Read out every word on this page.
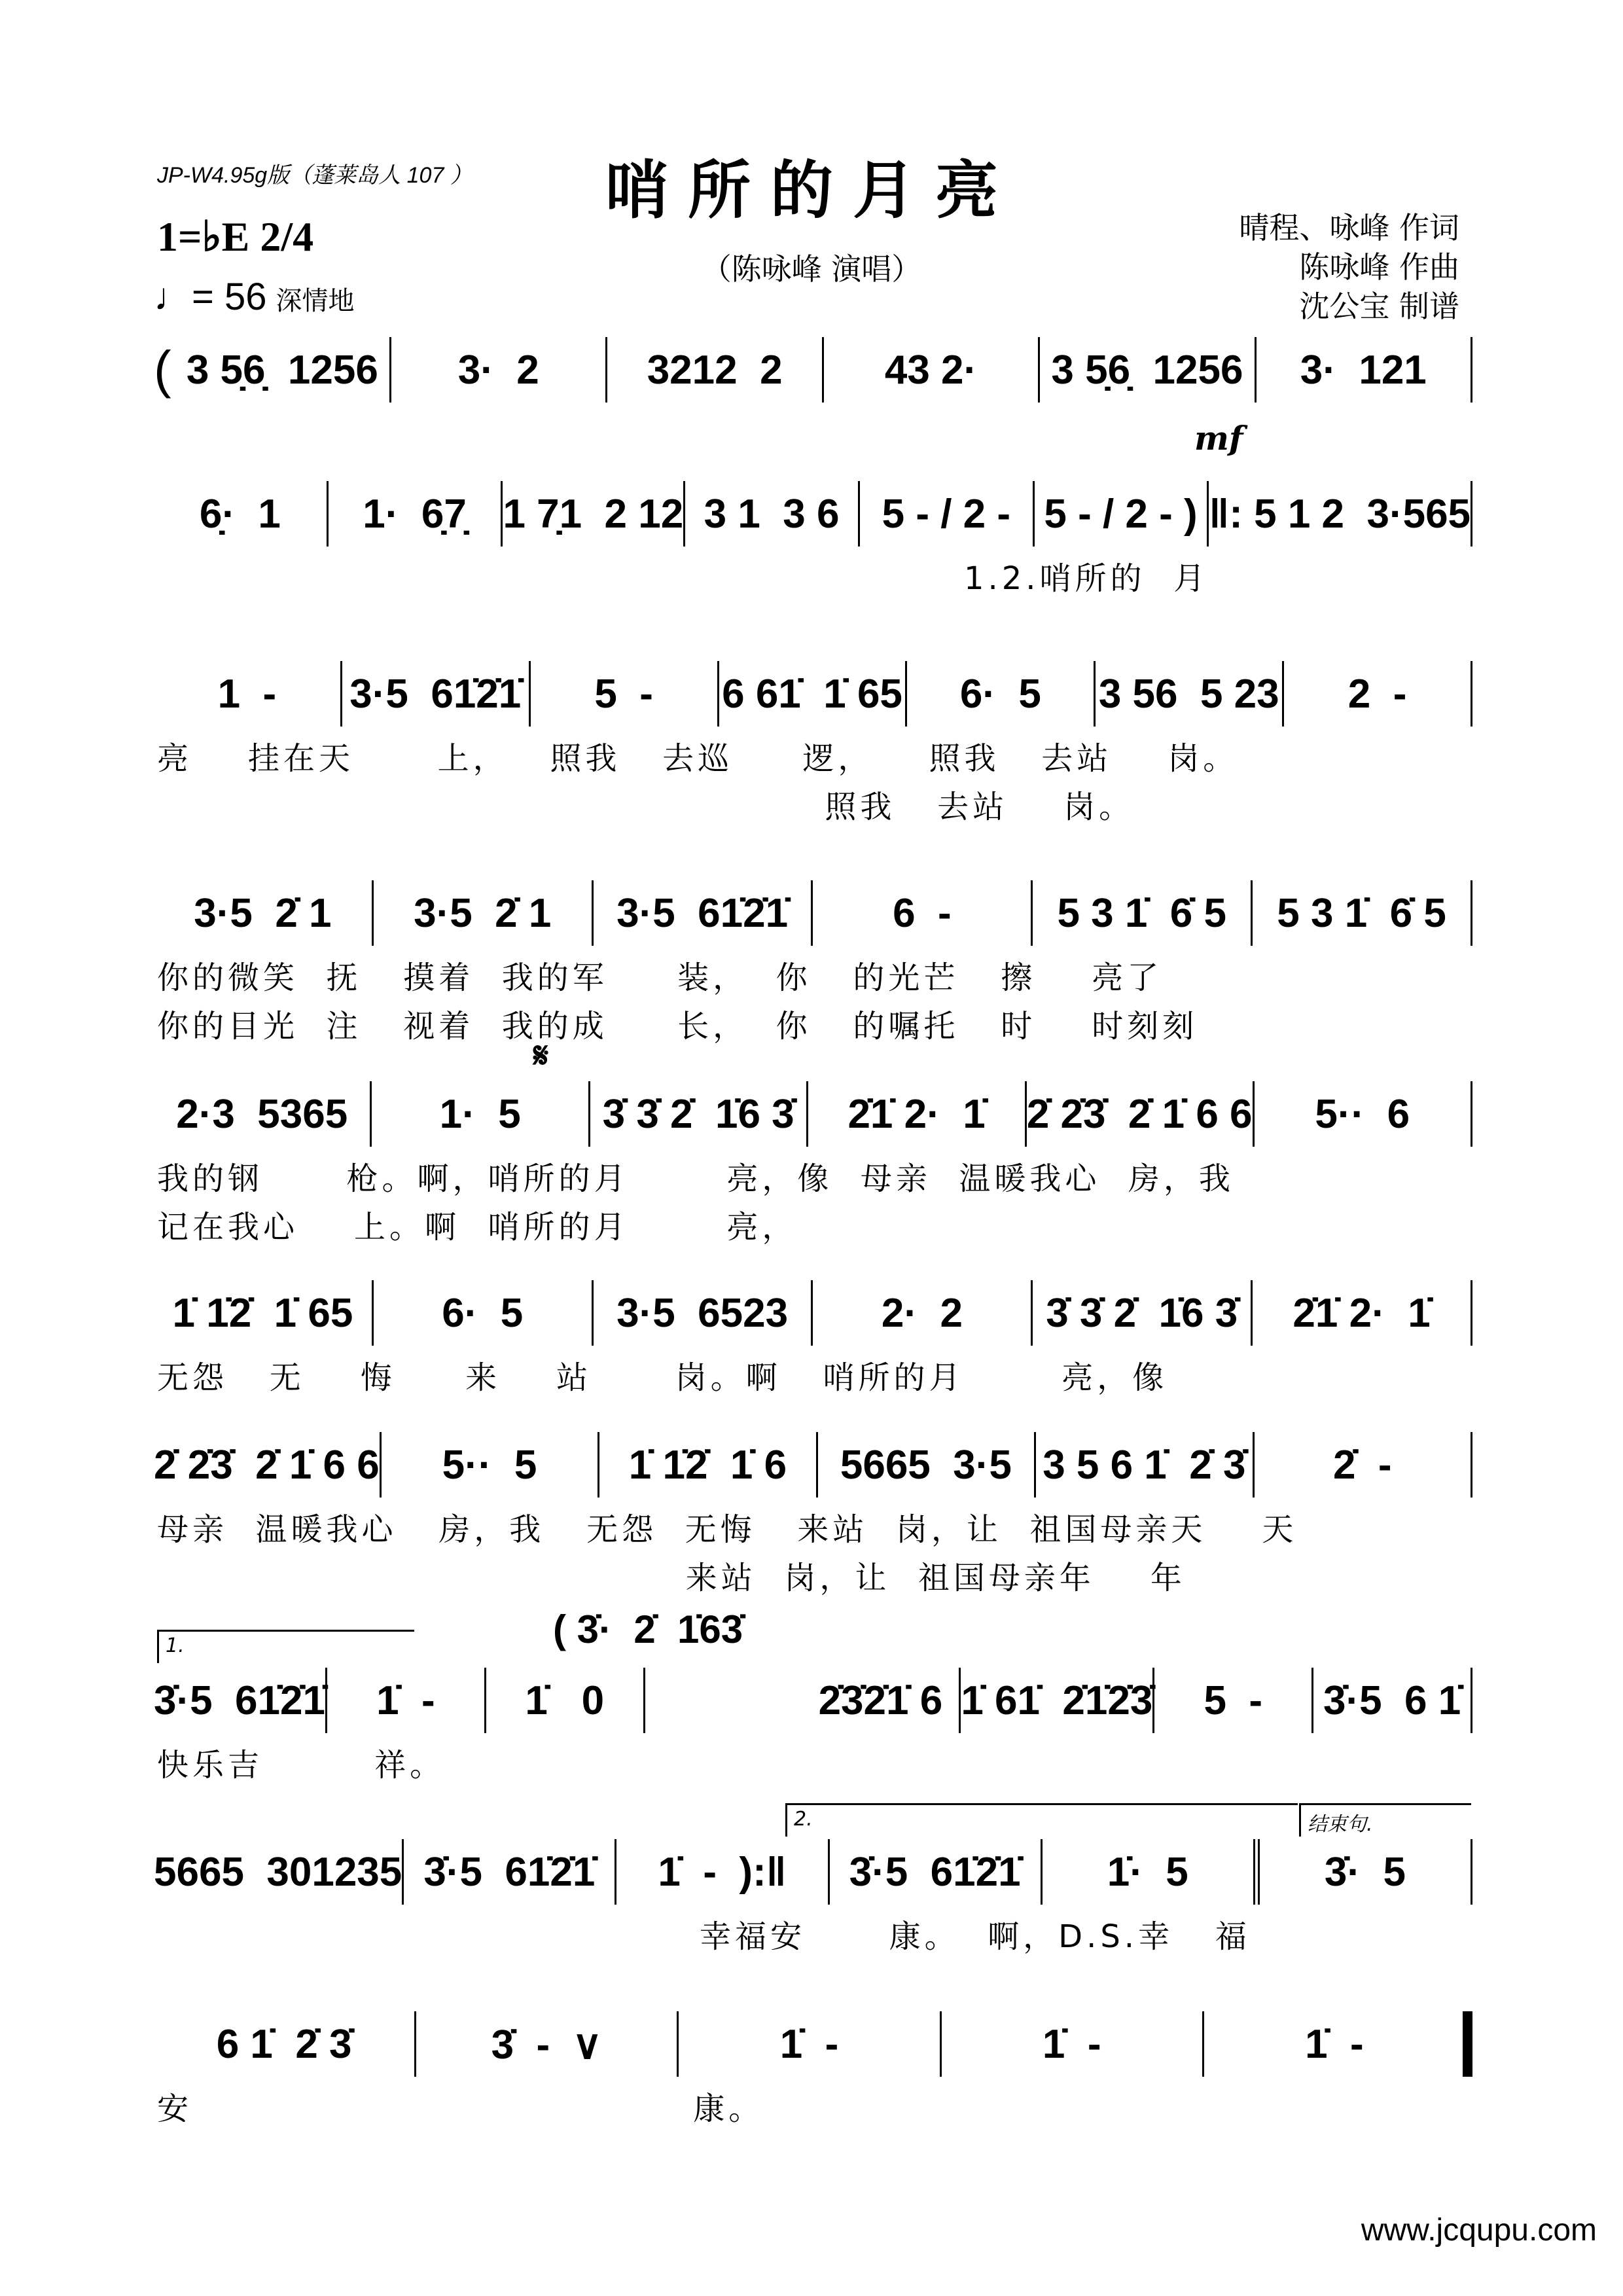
JP-W4.95g版（蓬莱岛人 107 ）	哨所的月亮
（陈咏峰 演唱）
1=♭E 2/4
♩= 56 深情地
晴程、咏峰 作词
陈咏峰 作曲
沈公宝 制谱
( 3 5̣6̣  1256	3·  2	3212  2	43 2·	3 5̣6̣  1256	3·  121
6̣·  1	1·  6̣7̣ 1 7̣1  2 12 3 1  3 6	5 - / 2 - 5 - / 2 - ) ‖: 5 1 2  3·565
1.2.哨所的  月
1  -	3·5  61̇2̇1̇	5  -	6 61̇  1̇ 65	6·  5	3 56  5 23	2  -
亮    挂在天      上，   照我   去巡     逻，    照我   去站    岗。
照我   去站    岗。
3·5  2̇ 1	3·5  2̇ 1	3·5  61̇2̇1̇	6  -	5 3 1̇  6̇ 5	5 3 1̇  6̇ 5
你的微笑  抚   摸着  我的军     装，  你   的光芒   擦    亮了
你的目光  注   视着  我的成     长，  你   的嘱托   时    时刻刻
2·3  5365	1·  5	3̇ 3̇ 2̇  1̇6 3̇	2̇1̇ 2·  1̇	2̇ 2̇3̇  2̇ 1̇ 6 6	5··  6
我的钢      枪。啊，哨所的月       亮，像  母亲  温暖我心  房，我
记在我心    上。啊  哨所的月       亮，
1̇ 1̇2̇  1̇ 65	6·  5	3·5  6523	2·  2	3̇ 3̇ 2̇  1̇6 3̇	2̇1̇ 2·  1̇
无怨   无    悔     来    站      岗。啊   哨所的月       亮，像
2̇ 2̇3̇  2̇ 1̇ 6 6	5··  5	1̇ 1̇2̇  1̇ 6	5665  3·5 3 5 6 1̇  2̇ 3̇	2̇  -
母亲  温暖我心   房，我   无怨  无悔   来站  岗，让  祖国母亲天    天
来站  岗，让  祖国母亲年    年
3̇·5  61̇2̇1̇	1̇  -	1̇   0	2̇3̇2̇1̇ 6 1̇ 61̇  2̇1̇2̇3̇	5  -	3̇·5  6 1̇
快乐吉        祥。
5665  301235 3̇·5  61̇2̇1̇	1̇  -  ):‖	3̇·5  61̇2̇1̇	1̇·  5	3̇·  5
幸福安      康。  啊，D.S.幸   福
6 1̇  2̇ 3̇	3̇  -  ∨	1̇  -	1̇  -	1̇  -
安                                    康。
mf
𝄋
( 3̇·  2̇  1̇63̇
1.
2.	结束句.
www.jcqupu.com
